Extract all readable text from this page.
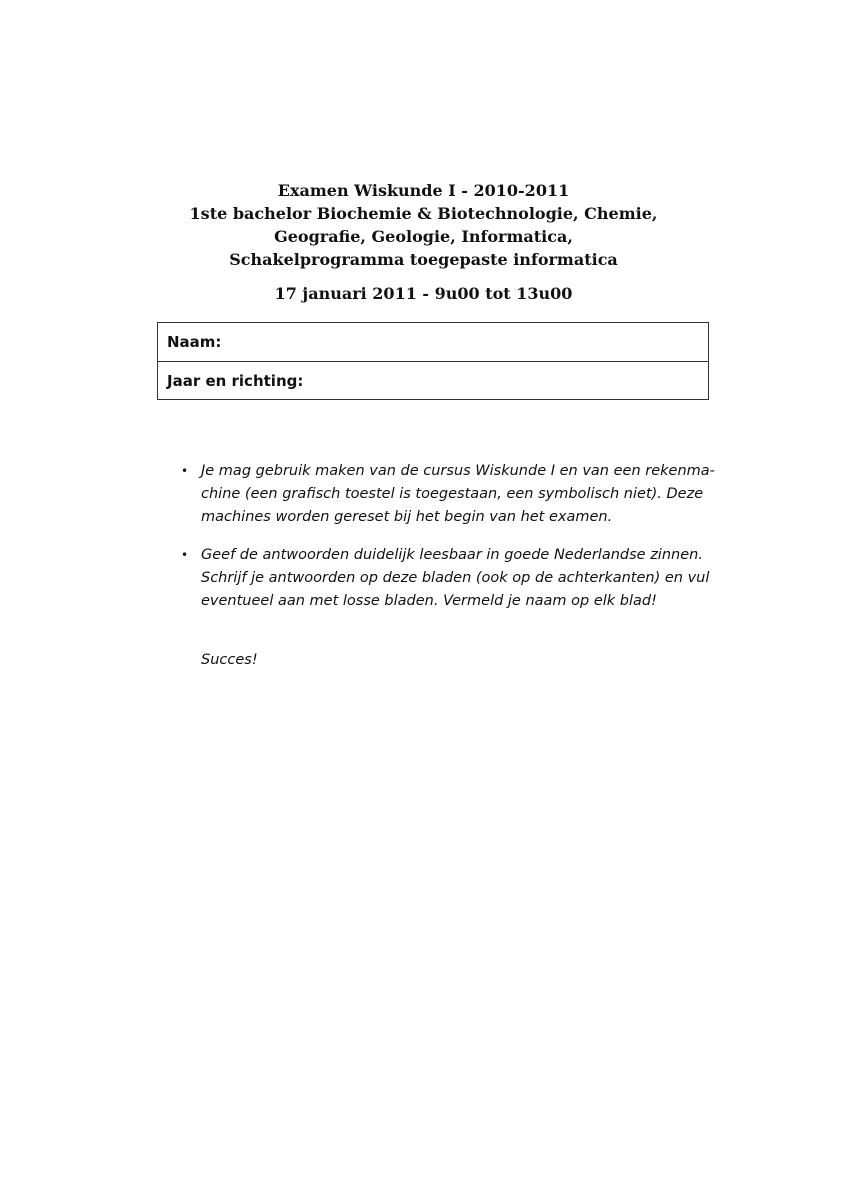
Examen Wiskunde I - 2010-2011
1ste bachelor Biochemie & Biotechnologie, Chemie,
Geografie, Geologie, Informatica,
Schakelprogramma toegepaste informatica
17 januari 2011 - 9u00 tot 13u00
Naam:
Jaar en richting:
• Je mag gebruik maken van de cursus Wiskunde I en van een rekenma-
chine (een grafisch toestel is toegestaan, een symbolisch niet). Deze
machines worden gereset bij het begin van het examen.
• Geef de antwoorden duidelijk leesbaar in goede Nederlandse zinnen.
Schrijf je antwoorden op deze bladen (ook op de achterkanten) en vul
eventueel aan met losse bladen. Vermeld je naam op elk blad!
Succes!
